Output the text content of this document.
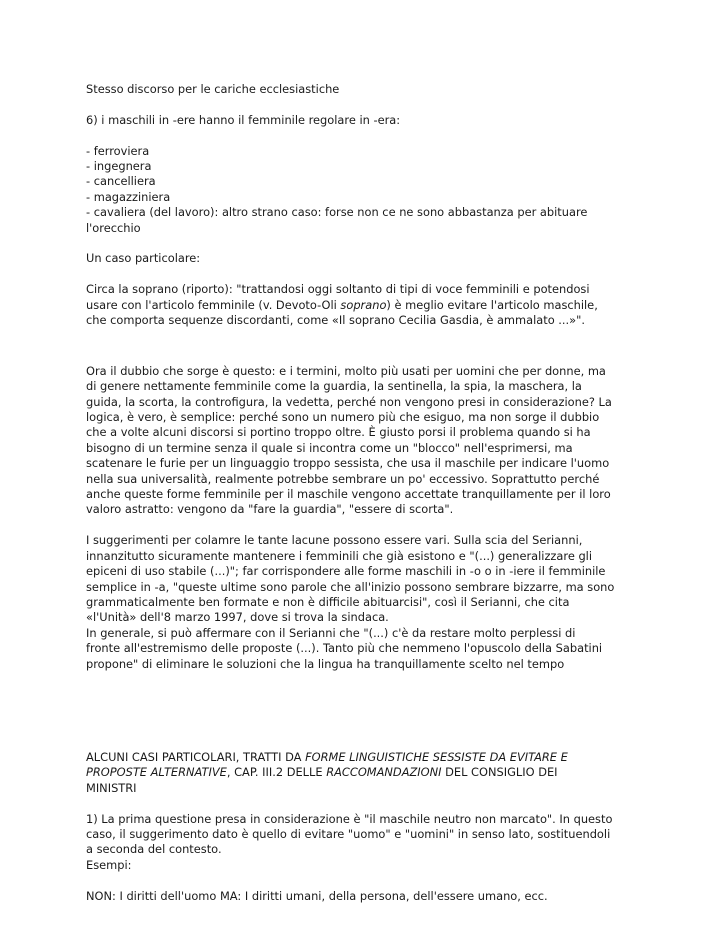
Stesso discorso per le cariche ecclesiastiche
6) i maschili in -ere hanno il femminile regolare in -era:
- ferroviera
- ingegnera
- cancelliera
- magazziniera
- cavaliera (del lavoro): altro strano caso: forse non ce ne sono abbastanza per abituare
l'orecchio
Un caso particolare:
Circa la soprano (riporto): "trattandosi oggi soltanto di tipi di voce femminili e potendosi
usare con l'articolo femminile (v. Devoto-Oli soprano) è meglio evitare l'articolo maschile,
che comporta sequenze discordanti, come «Il soprano Cecilia Gasdia, è ammalato ...»".
Ora il dubbio che sorge è questo: e i termini, molto più usati per uomini che per donne, ma
di genere nettamente femminile come la guardia, la sentinella, la spia, la maschera, la
guida, la scorta, la controfigura, la vedetta, perché non vengono presi in considerazione? La
logica, è vero, è semplice: perché sono un numero più che esiguo, ma non sorge il dubbio
che a volte alcuni discorsi si portino troppo oltre. È giusto porsi il problema quando si ha
bisogno di un termine senza il quale si incontra come un "blocco" nell'esprimersi, ma
scatenare le furie per un linguaggio troppo sessista, che usa il maschile per indicare l'uomo
nella sua universalità, realmente potrebbe sembrare un po' eccessivo. Soprattutto perché
anche queste forme femminile per il maschile vengono accettate tranquillamente per il loro
valoro astratto: vengono da "fare la guardia", "essere di scorta".
I suggerimenti per colamre le tante lacune possono essere vari. Sulla scia del Serianni,
innanzitutto sicuramente mantenere i femminili che già esistono e "(...) generalizzare gli
epiceni di uso stabile (...)"; far corrispondere alle forme maschili in -o o in -iere il femminile
semplice in -a, "queste ultime sono parole che all'inizio possono sembrare bizzarre, ma sono
grammaticalmente ben formate e non è difficile abituarcisi", così il Serianni, che cita
«l'Unità» dell'8 marzo 1997, dove si trova la sindaca.
In generale, si può affermare con il Serianni che "(...) c'è da restare molto perplessi di
fronte all'estremismo delle proposte (...). Tanto più che nemmeno l'opuscolo della Sabatini
propone" di eliminare le soluzioni che la lingua ha tranquillamente scelto nel tempo
ALCUNI CASI PARTICOLARI, TRATTI DA FORME LINGUISTICHE SESSISTE DA EVITARE E
PROPOSTE ALTERNATIVE, CAP. III.2 DELLE RACCOMANDAZIONI DEL CONSIGLIO DEI
MINISTRI
1) La prima questione presa in considerazione è "il maschile neutro non marcato". In questo
caso, il suggerimento dato è quello di evitare "uomo" e "uomini" in senso lato, sostituendoli
a seconda del contesto.
Esempi:
NON: I diritti dell'uomo MA: I diritti umani, della persona, dell'essere umano, ecc.
